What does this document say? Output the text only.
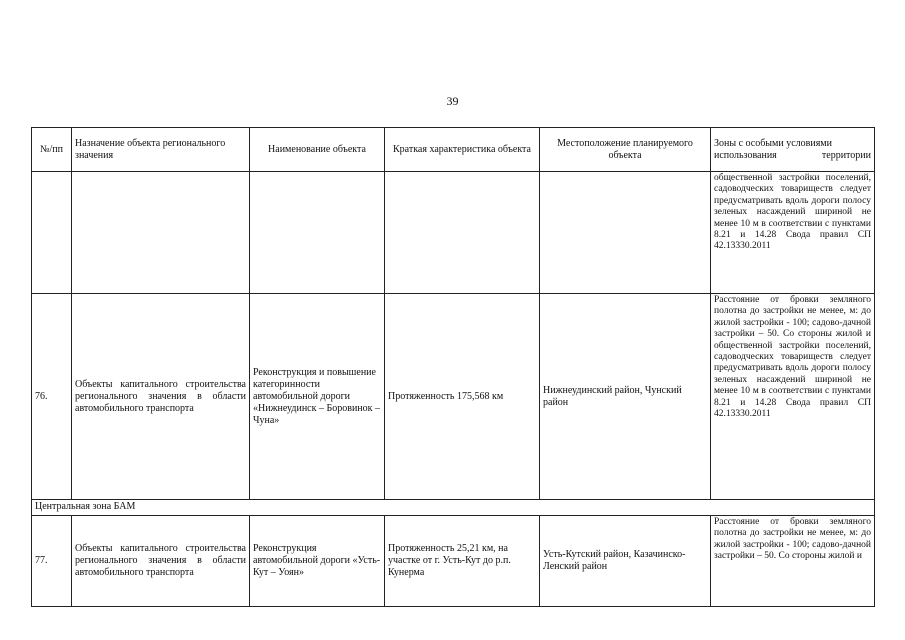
39
№/пп	Назначение объекта регионального значения	Наименование объекта	Краткая характеристика объекта	Местоположение планируемого объекта	Зоны с особыми условиями использования территории

					общественной застройки поселений, садоводческих товариществ следует предусматривать вдоль дороги полосу зеленых насаждений шириной не менее 10 м в соответствии с пунктами 8.21 и 14.28 Свода правил СП 42.13330.2011

76.	Объекты капитального строительства регионального значения в области автомобильного транспорта	Реконструкция и повышение категоринности автомобильной дороги «Нижнеудинск – Боровинок – Чуна»	Протяженность 175,568 км	Нижнеудинский район, Чунский район	Расстояние от бровки земляного полотна до застройки не менее, м: до жилой застройки - 100; садово-дачной застройки – 50. Со стороны жилой и общественной застройки поселений, садоводческих товариществ следует предусматривать вдоль дороги полосу зеленых насаждений шириной не менее 10 м в соответствии с пунктами 8.21 и 14.28 Свода правил СП 42.13330.2011

Центральная зона БАМ					
77.	Объекты капитального строительства регионального значения в области автомобильного транспорта	Реконструкция автомобильной дороги «Усть-Кут – Уоян»	Протяженность 25,21 км, на участке от г. Усть-Кут до р.п. Кунерма	Усть-Кутский район, Казачинско-Ленский район	Расстояние от бровки земляного полотна до застройки не менее, м: до жилой застройки - 100; садово-дачной застройки – 50. Со стороны жилой и
